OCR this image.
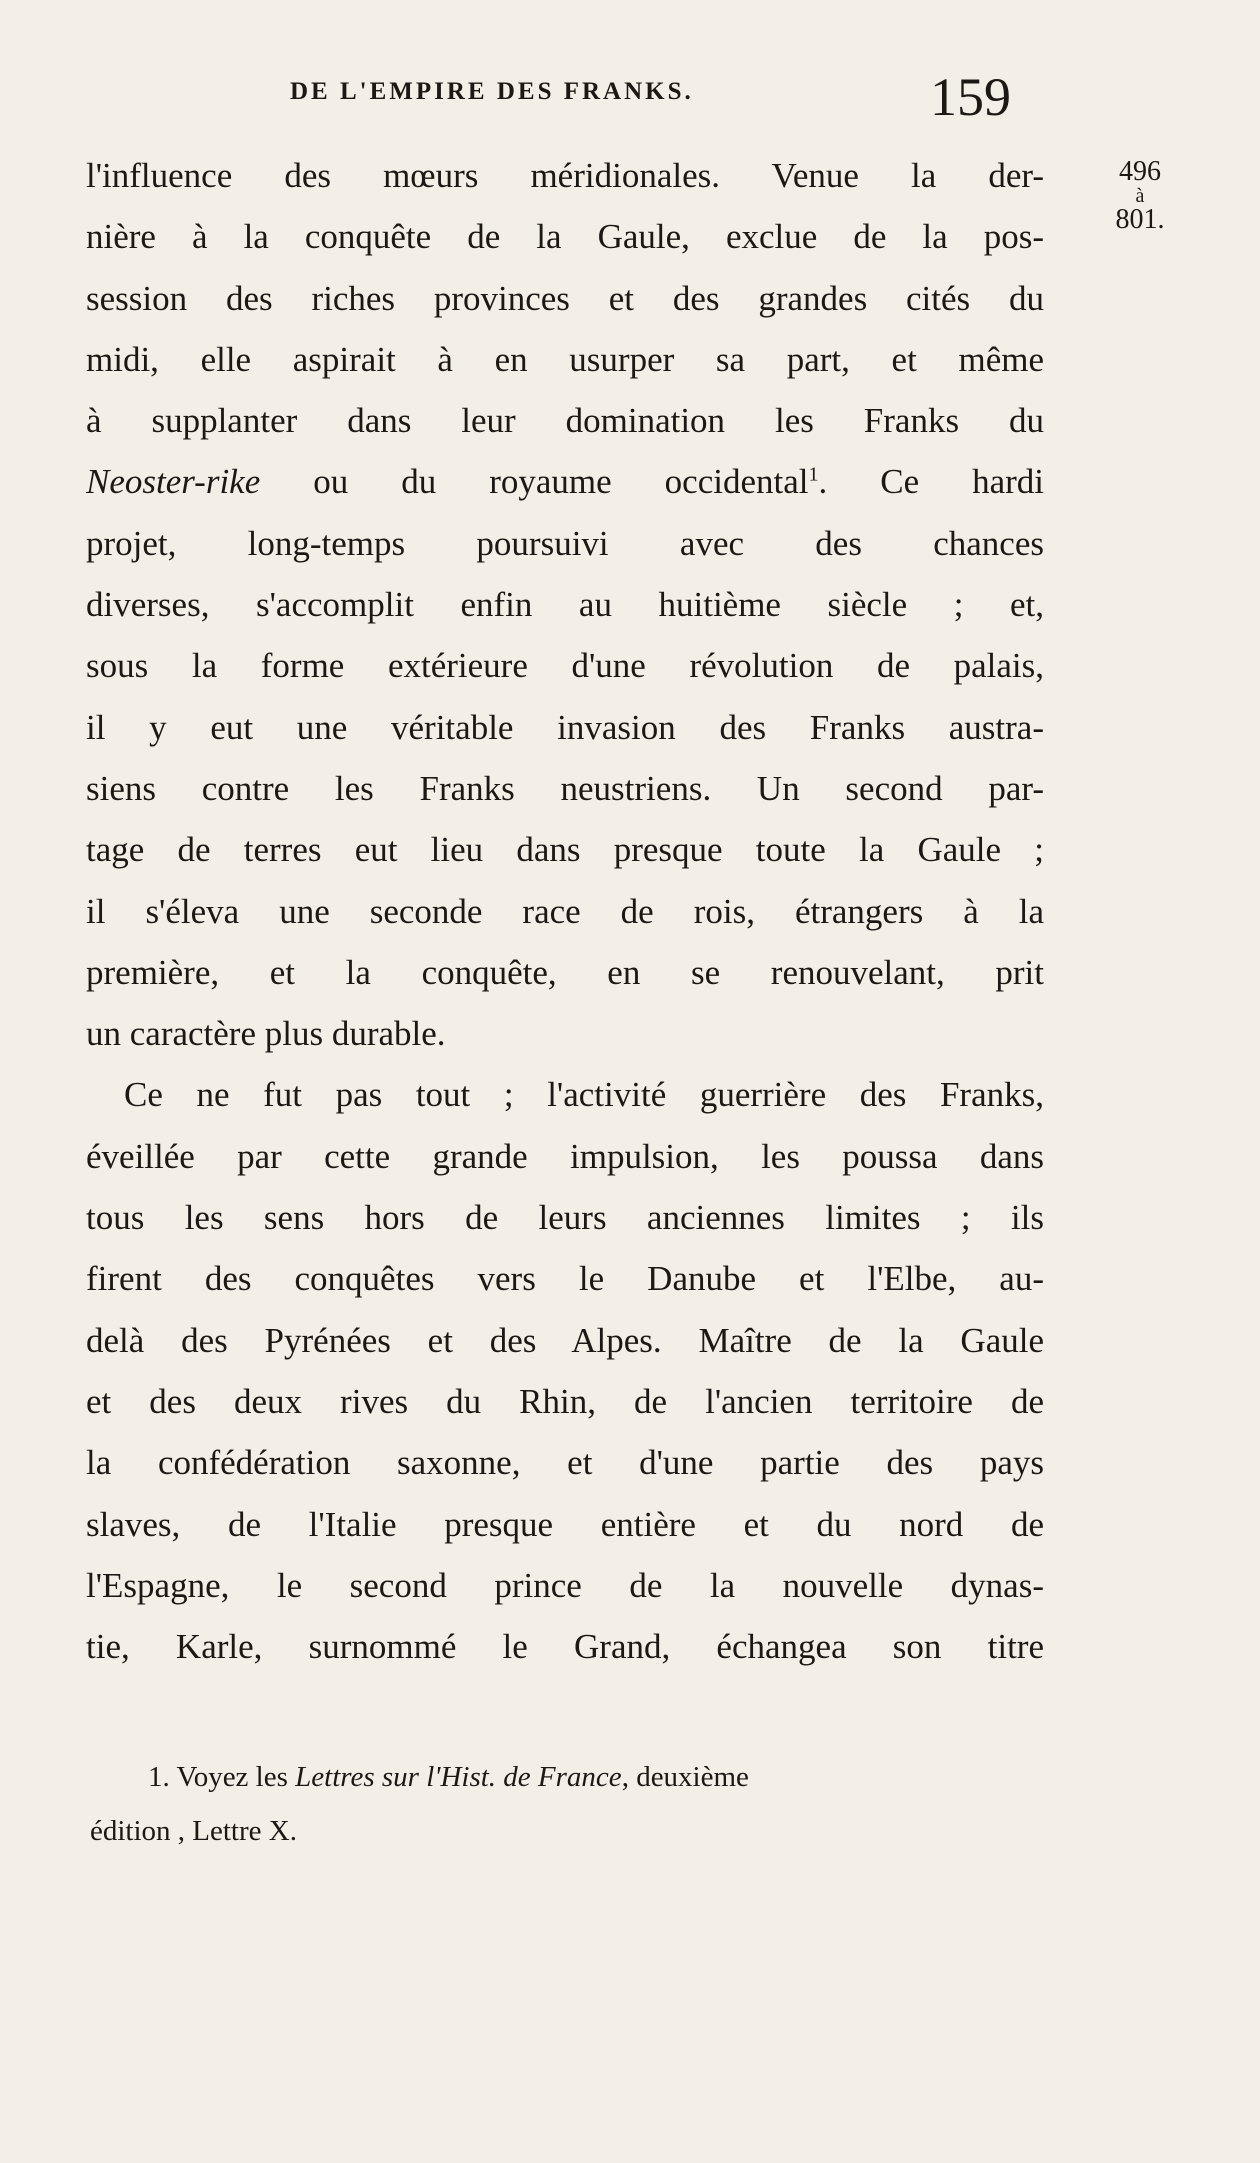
DE L'EMPIRE DES FRANKS.	159
496
à
801.
l'influence des mœurs méridionales. Venue la der-
nière à la conquête de la Gaule, exclue de la pos-
session des riches provinces et des grandes cités du
midi, elle aspirait à en usurper sa part, et même
à supplanter dans leur domination les Franks du
Neoster-rike ou du royaume occidental$^1$. Ce hardi
projet, long-temps poursuivi avec des chances
diverses, s'accomplit enfin au huitième siècle ; et,
sous la forme extérieure d'une révolution de palais,
il y eut une véritable invasion des Franks austra-
siens contre les Franks neustriens. Un second par-
tage de terres eut lieu dans presque toute la Gaule ;
il s'éleva une seconde race de rois, étrangers à la
première, et la conquête, en se renouvelant, prit
un caractère plus durable.
Ce ne fut pas tout ; l'activité guerrière des Franks,
éveillée par cette grande impulsion, les poussa dans
tous les sens hors de leurs anciennes limites ; ils
firent des conquêtes vers le Danube et l'Elbe, au-
delà des Pyrénées et des Alpes. Maître de la Gaule
et des deux rives du Rhin, de l'ancien territoire de
la confédération saxonne, et d'une partie des pays
slaves, de l'Italie presque entière et du nord de
l'Espagne, le second prince de la nouvelle dynas-
tie, Karle, surnommé le Grand, échangea son titre
1. Voyez les Lettres sur l'Hist. de France, deuxième
édition , Lettre X.
